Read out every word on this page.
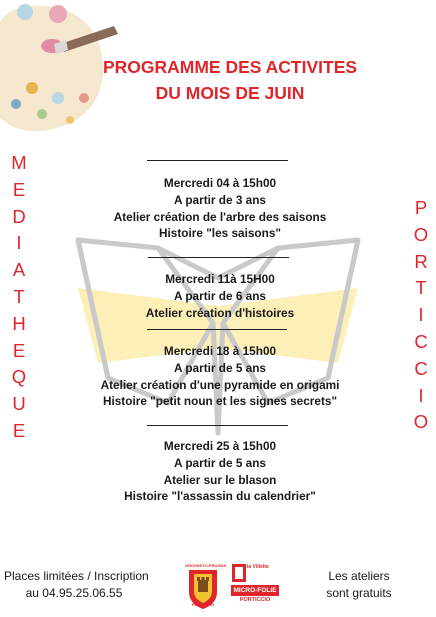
PROGRAMME DES ACTIVITES
DU MOIS DE JUIN
M
E
D
I
A
T
H
E
Q
U
E
P
O
R
T
I
C
C
I
O
Mercredi 04 à 15h00
A partir de 3 ans
Atelier création de l'arbre des saisons
Histoire "les saisons"
Mercredi 11à 15H00
A partir de 6 ans
Atelier création d'histoires
Mercredi 18 à 15h00
A partir de 5 ans
Atelier création d'une pyramide en origami
Histoire "petit noun et les signes secrets"
Mercredi 25 à 15h00
A partir de 5 ans
Atelier sur le blason
Histoire "l'assassin du calendrier"
Places limitées / Inscription
au 04.95.25.06.55
GROSSETO-PRUGNA
PORTICCIO
la Villette
MICRO-FOLIE
PORTICCIO
Les ateliers
sont gratuits
